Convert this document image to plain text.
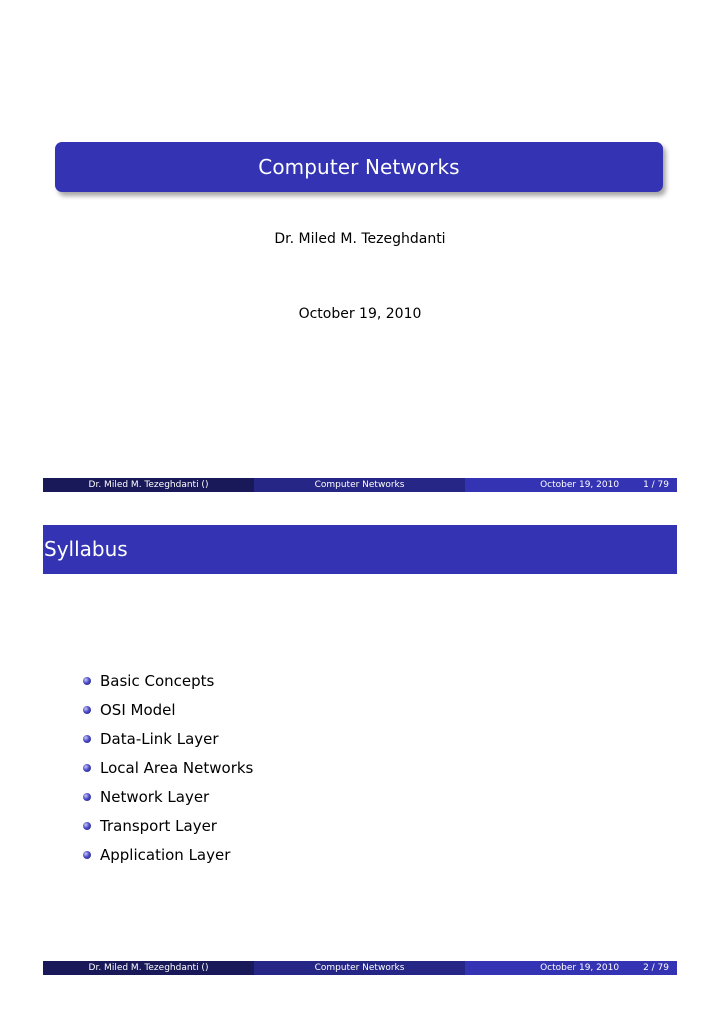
Computer Networks
Dr. Miled M. Tezeghdanti
October 19, 2010
Dr. Miled M. Tezeghdanti ()	Computer Networks	October 19, 2010	1 / 79
Syllabus
Basic Concepts
OSI Model
Data-Link Layer
Local Area Networks
Network Layer
Transport Layer
Application Layer
Dr. Miled M. Tezeghdanti ()	Computer Networks	October 19, 2010	2 / 79
